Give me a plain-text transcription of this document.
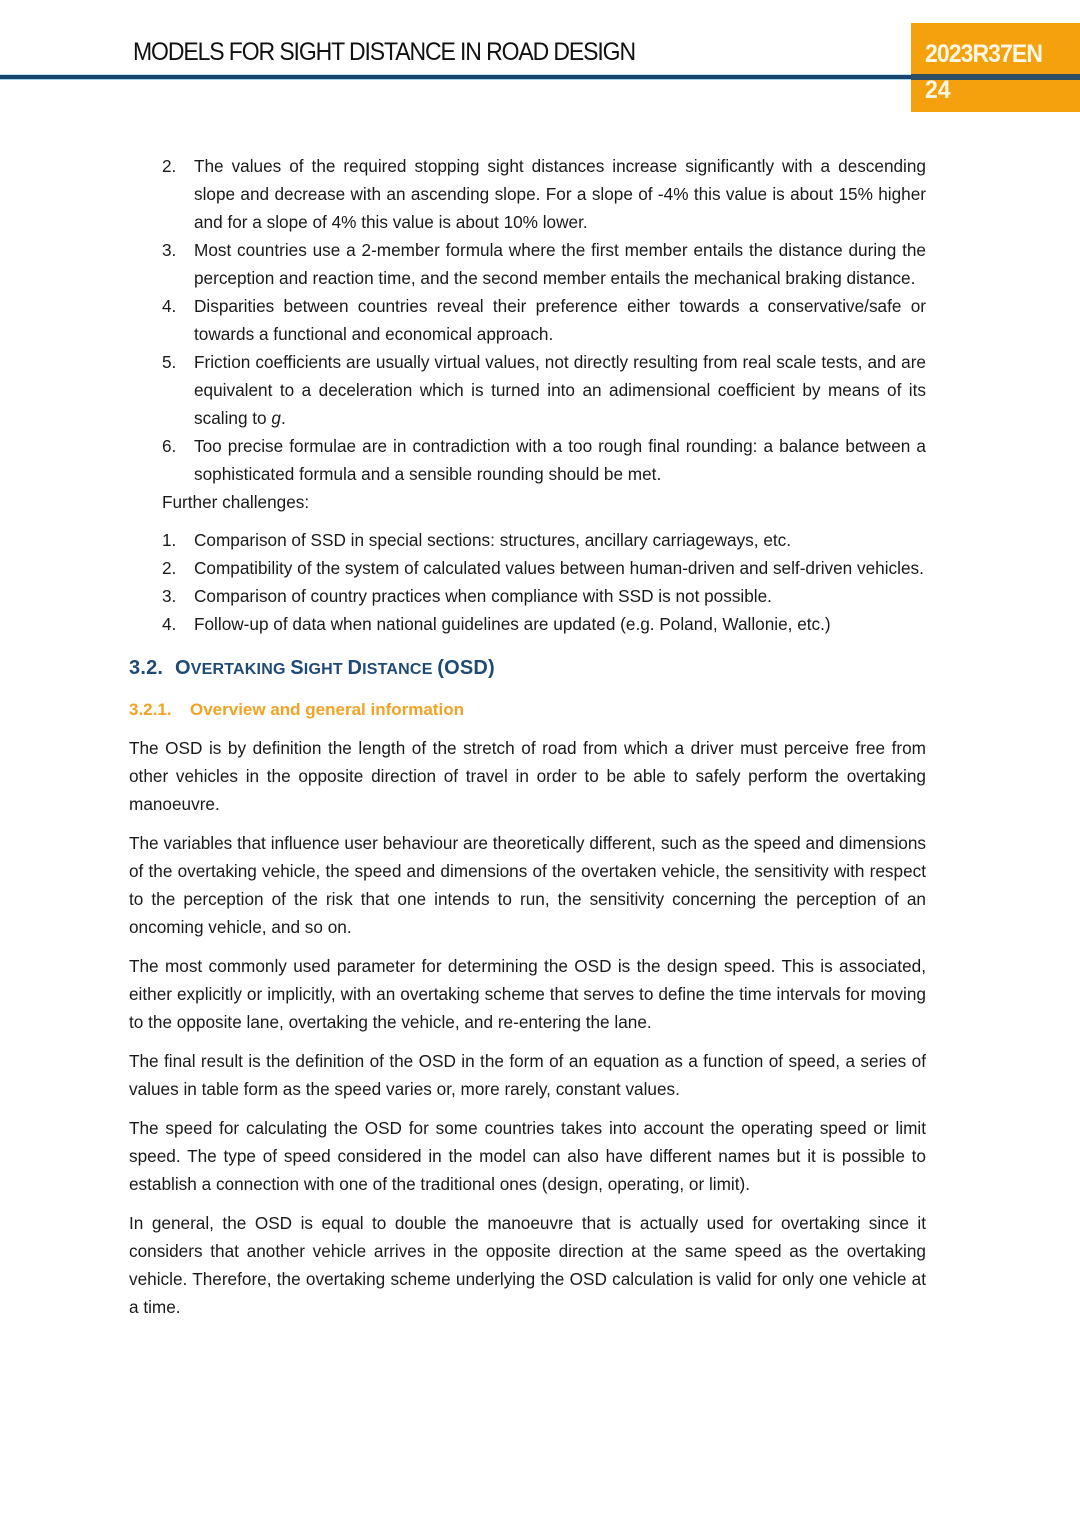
MODELS FOR SIGHT DISTANCE IN ROAD DESIGN	2023R37EN
24
2. The values of the required stopping sight distances increase significantly with a descending slope and decrease with an ascending slope. For a slope of -4% this value is about 15% higher and for a slope of 4% this value is about 10% lower.
3. Most countries use a 2-member formula where the first member entails the distance during the perception and reaction time, and the second member entails the mechanical braking distance.
4. Disparities between countries reveal their preference either towards a conservative/safe or towards a functional and economical approach.
5. Friction coefficients are usually virtual values, not directly resulting from real scale tests, and are equivalent to a deceleration which is turned into an adimensional coefficient by means of its scaling to g.
6. Too precise formulae are in contradiction with a too rough final rounding: a balance between a sophisticated formula and a sensible rounding should be met.

Further challenges:

1. Comparison of SSD in special sections: structures, ancillary carriageways, etc.
2. Compatibility of the system of calculated values between human-driven and self-driven vehicles.
3. Comparison of country practices when compliance with SSD is not possible.
4. Follow-up of data when national guidelines are updated (e.g. Poland, Wallonie, etc.)
3.2. OVERTAKING SIGHT DISTANCE (OSD)
3.2.1. Overview and general information

The OSD is by definition the length of the stretch of road from which a driver must perceive free from other vehicles in the opposite direction of travel in order to be able to safely perform the overtaking manoeuvre.

The variables that influence user behaviour are theoretically different, such as the speed and dimensions of the overtaking vehicle, the speed and dimensions of the overtaken vehicle, the sensitivity with respect to the perception of the risk that one intends to run, the sensitivity concerning the perception of an oncoming vehicle, and so on.

The most commonly used parameter for determining the OSD is the design speed. This is associated, either explicitly or implicitly, with an overtaking scheme that serves to define the time intervals for moving to the opposite lane, overtaking the vehicle, and re-entering the lane.

The final result is the definition of the OSD in the form of an equation as a function of speed, a series of values in table form as the speed varies or, more rarely, constant values.

The speed for calculating the OSD for some countries takes into account the operating speed or limit speed. The type of speed considered in the model can also have different names but it is possible to establish a connection with one of the traditional ones (design, operating, or limit).

In general, the OSD is equal to double the manoeuvre that is actually used for overtaking since it considers that another vehicle arrives in the opposite direction at the same speed as the overtaking vehicle. Therefore, the overtaking scheme underlying the OSD calculation is valid for only one vehicle at a time.
